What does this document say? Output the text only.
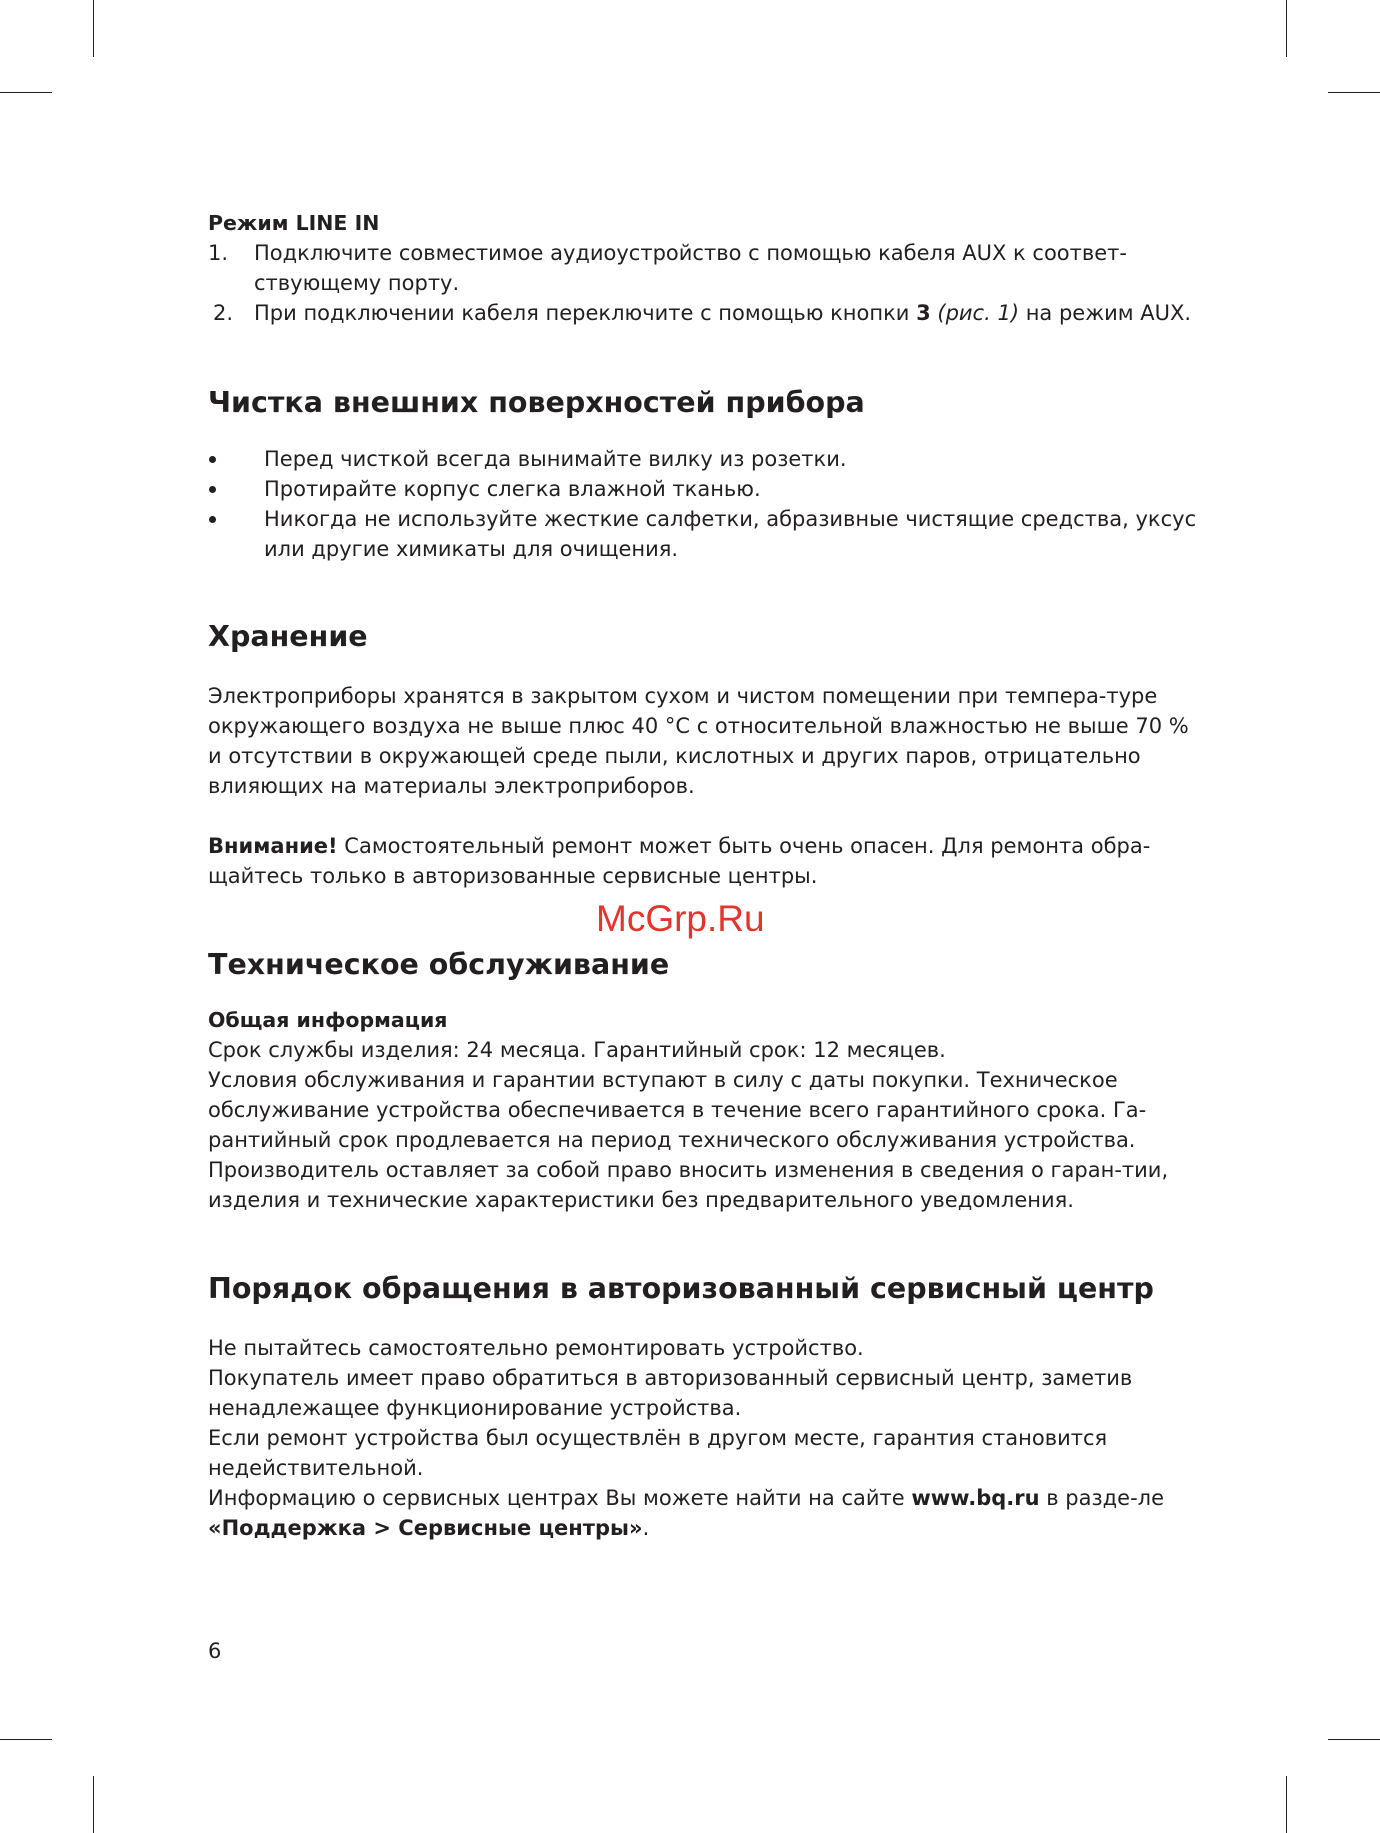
Режим LINE IN

1. Подключите совместимое аудиоустройство с помощью кабеля AUX к соответ-ствующему порту.
2. При подключении кабеля переключите с помощью кнопки 3 (рис. 1) на режим AUX.
Чистка внешних поверхностей прибора
Перед чисткой всегда вынимайте вилку из розетки.
Протирайте корпус слегка влажной тканью.
Никогда не используйте жесткие салфетки, абразивные чистящие средства, уксус или другие химикаты для очищения.
Хранение

Электроприборы хранятся в закрытом сухом и чистом помещении при темпера-туре окружающего воздуха не выше плюс 40 °C с относительной влажностью не выше 70 % и отсутствии в окружающей среде пыли, кислотных и других паров, отрицательно влияющих на материалы электроприборов.

Внимание! Самостоятельный ремонт может быть очень опасен. Для ремонта обра-щайтесь только в авторизованные сервисные центры.

Техническое обслуживание

Общая информация

Срок службы изделия: 24 месяца. Гарантийный срок: 12 месяцев.

Условия обслуживания и гарантии вступают в силу с даты покупки. Техническое обслуживание устройства обеспечивается в течение всего гарантийного срока. Га-рантийный срок продлевается на период технического обслуживания устройства.

Производитель оставляет за собой право вносить изменения в сведения о гаран-тии, изделия и технические характеристики без предварительного уведомления.

Порядок обращения в авторизованный сервисный центр

Не пытайтесь самостоятельно ремонтировать устройство.

Покупатель имеет право обратиться в авторизованный сервисный центр, заметив ненадлежащее функционирование устройства.

Если ремонт устройства был осуществлён в другом месте, гарантия становится недействительной.

Информацию о сервисных центрах Вы можете найти на сайте www.bq.ru в разде-ле «Поддержка > Сервисные центры».

McGrp.Ru
6
